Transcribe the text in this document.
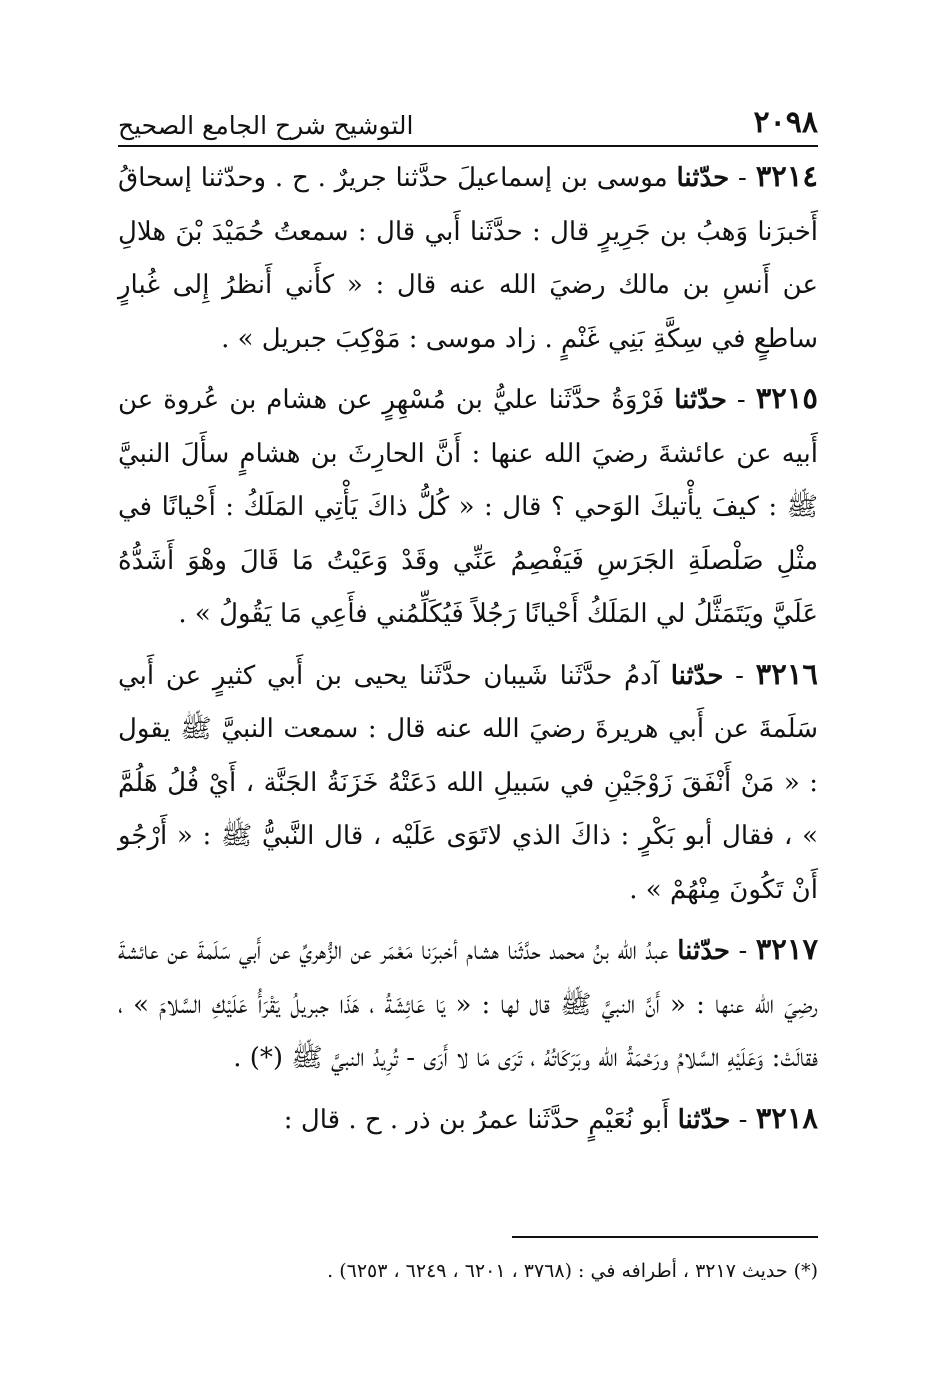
٢٠٩٨
التوشيح شرح الجامع الصحيح

٣٢١٤ - حدّثنا موسى بن إسماعيلَ حدَّثنا جريرٌ . ح . وحدّثنا إسحاقُ أَخبرَنا وَهبُ بن جَرِيرٍ قال : حدَّثَنا أَبي قال : سمعتُ حُمَيْدَ بْنَ هلالِ عن أَنسِ بن مالك رضيَ الله عنه قال : « كأَني أَنظرُ إِلى غُبارٍ ساطعٍ في سِكَّةِ بَنِي غَنْمٍ . زاد موسى : مَوْكِبَ جبريل » .

٣٢١٥ - حدّثنا فَرْوَةُ حدَّثَنا عليُّ بن مُسْهِرٍ عن هشام بن عُروة عن أَبيه عن عائشةَ رضيَ الله عنها : أَنَّ الحارِثَ بن هشامٍ سأَلَ النبيَّ ﷺ : كيفَ يأْتيكَ الوَحي ؟ قال : « كُلُّ ذاكَ يَأْتِي المَلَكُ : أَحْيانًا في مثْلِ صَلْصلَةِ الجَرَسِ فَيَفْصِمُ عَنِّي وقَدْ وَعَيْتُ مَا قَالَ وهْوَ أَشَدُّهُ عَلَيَّ ويَتَمَثَّلُ لي المَلَكُ أَحْيانًا رَجُلاً فَيُكَلِّمُني فأَعِي مَا يَقُولُ » .

٣٢١٦ - حدّثنا آدمُ حدَّثَنا شَيبان حدَّثَنا يحيى بن أَبي كثيرٍ عن أَبي سَلَمةَ عن أَبي هريرةَ رضيَ الله عنه قال : سمعت النبيَّ ﷺ يقول : « مَنْ أَنْفَقَ زَوْجَيْنِ في سَبيلِ الله دَعَتْهُ خَزَنَةُ الجَنَّة ، أَيْ فُلُ هَلُمَّ » ، فقال أبو بَكْرٍ : ذاكَ الذي لاتَوَى عَلَيْه ، قال النَّبيُّ ﷺ : « أَرْجُو أَنْ تَكُونَ مِنْهُمْ » .

٣٢١٧ - حدّثنا عبدُ الله بنُ محمد حدَّثَنا هشام أخبرَنا مَعْمَر عن الزُّهريِّ عن أَبي سَلَمةَ عن عائشةَ رضِيَ الله عنها : « أَنَّ النبيَّ ﷺ قال لها : « يَا عَائِشَةُ ، هَذَا جبريلُ يَقْرَأُ عَلَيْكِ السَّلامَ » ، فقالَتْ: وَعَلَيْهِ السَّلامُ ورَحْمَةُ الله وبَرَكَاتُهُ ، تَرَى مَا لا أَرَى - تُرِيدُ النبيَّ ﷺ (*) .

٣٢١٨ - حدّثنا أَبو نُعَيْمٍ حدَّثَنا عمرُ بن ذر . ح . قال :

(*) حديث ٣٢١٧ ، أطرافه في : (٣٧٦٨ ، ٦٢٠١ ، ٦٢٤٩ ، ٦٢٥٣) .
